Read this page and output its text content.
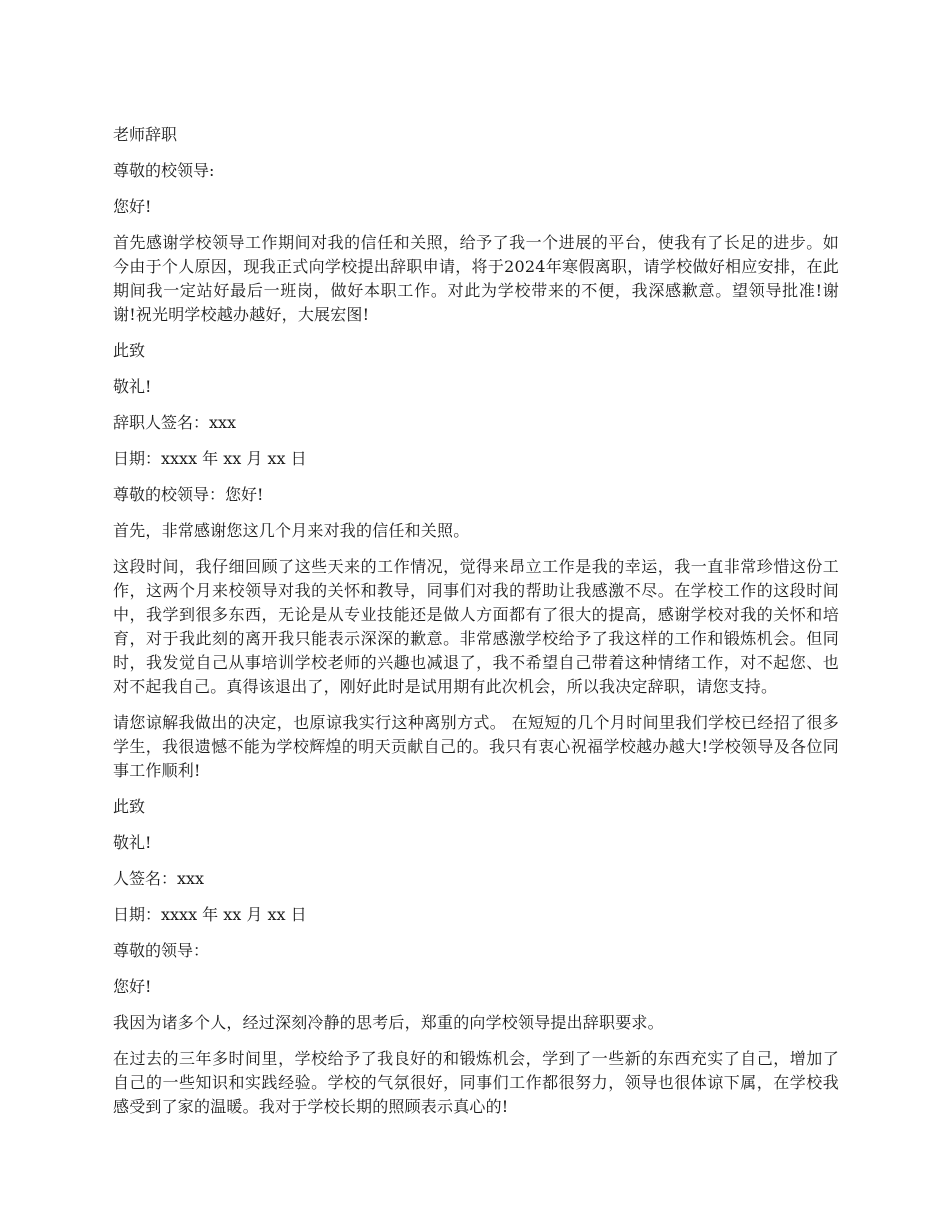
老师辞职

尊敬的校领导:

您好!

首先感谢学校领导工作期间对我的信任和关照，给予了我一个进展的平台，使我有了长足的进步。如今由于个人原因，现我正式向学校提出辞职申请，将于2024年寒假离职，请学校做好相应安排，在此期间我一定站好最后一班岗，做好本职工作。对此为学校带来的不便，我深感歉意。望领导批准!谢谢!祝光明学校越办越好，大展宏图!

此致

敬礼!

辞职人签名：xxx

日期：xxxx 年 xx 月 xx 日

尊敬的校领导：您好!

首先，非常感谢您这几个月来对我的信任和关照。

这段时间，我仔细回顾了这些天来的工作情况，觉得来昂立工作是我的幸运，我一直非常珍惜这份工作，这两个月来校领导对我的关怀和教导，同事们对我的帮助让我感激不尽。在学校工作的这段时间中，我学到很多东西，无论是从专业技能还是做人方面都有了很大的提高，感谢学校对我的关怀和培育，对于我此刻的离开我只能表示深深的歉意。非常感激学校给予了我这样的工作和锻炼机会。但同时，我发觉自己从事培训学校老师的兴趣也减退了，我不希望自己带着这种情绪工作，对不起您、也对不起我自己。真得该退出了，刚好此时是试用期有此次机会，所以我决定辞职，请您支持。

请您谅解我做出的决定，也原谅我实行这种离别方式。 在短短的几个月时间里我们学校已经招了很多学生，我很遗憾不能为学校辉煌的明天贡献自己的。我只有衷心祝福学校越办越大!学校领导及各位同事工作顺利!

此致

敬礼!

人签名：xxx

日期：xxxx 年 xx 月 xx 日

尊敬的领导：

您好!

我因为诸多个人，经过深刻冷静的思考后，郑重的向学校领导提出辞职要求。

在过去的三年多时间里，学校给予了我良好的和锻炼机会，学到了一些新的东西充实了自己，增加了自己的一些知识和实践经验。学校的气氛很好，同事们工作都很努力，领导也很体谅下属，在学校我感受到了家的温暖。我对于学校长期的照顾表示真心的!
